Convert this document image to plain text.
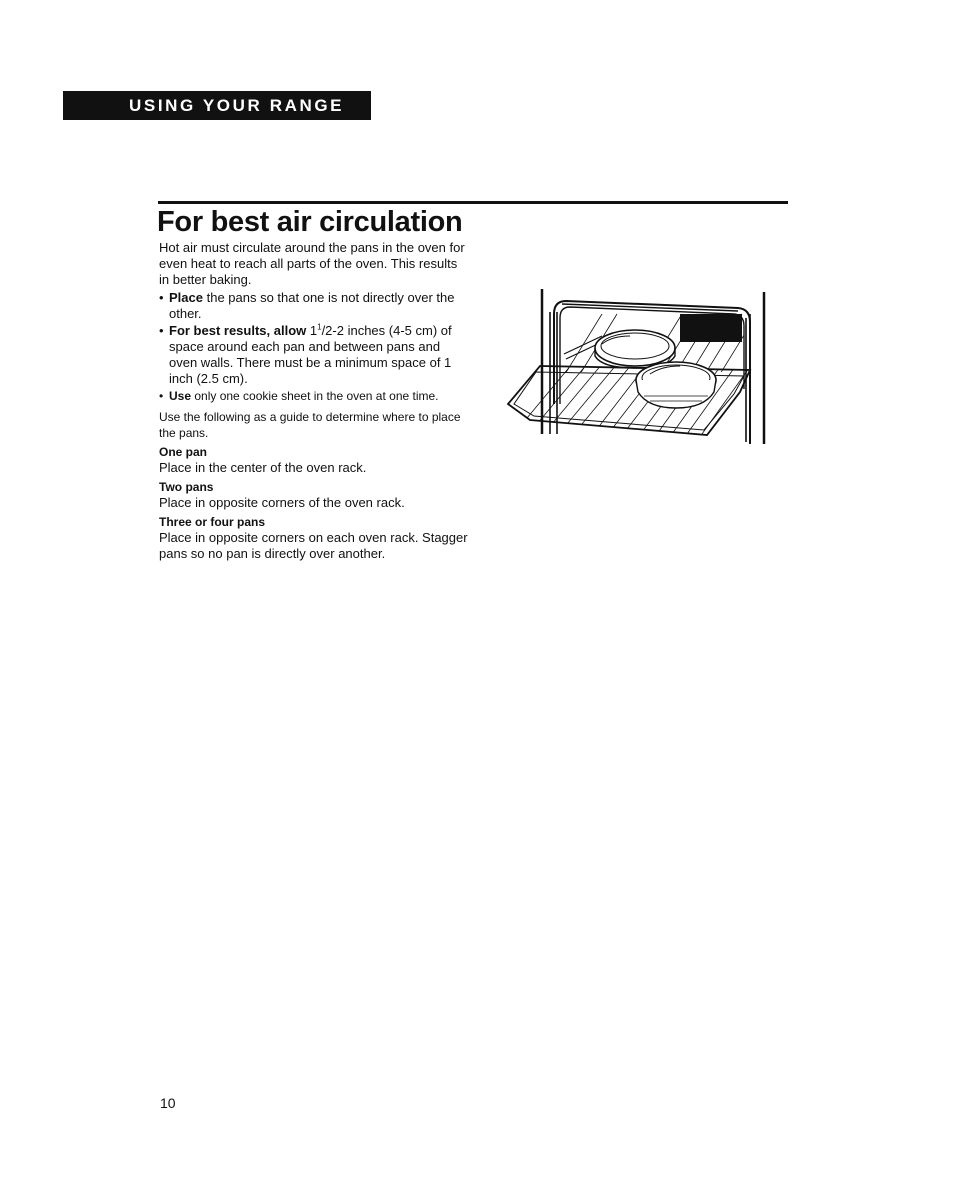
USING YOUR RANGE
For best air circulation

Hot air must circulate around the pans in the oven for even heat to reach all parts of the oven. This results in better baking.

• Place the pans so that one is not directly over the other.
• For best results, allow $1^1/2-2$ inches (4-5 cm) of space around each pan and between pans and oven walls. There must be a minimum space of 1 inch (2.5 cm).
• Use only one cookie sheet in the oven at one time.

Use the following as a guide to determine where to place the pans.

One pan

Place in the center of the oven rack.

Two pans

Place in opposite corners of the oven rack.

Three or four pans

Place in opposite corners on each oven rack. Stagger pans so no pan is directly over another.

10
